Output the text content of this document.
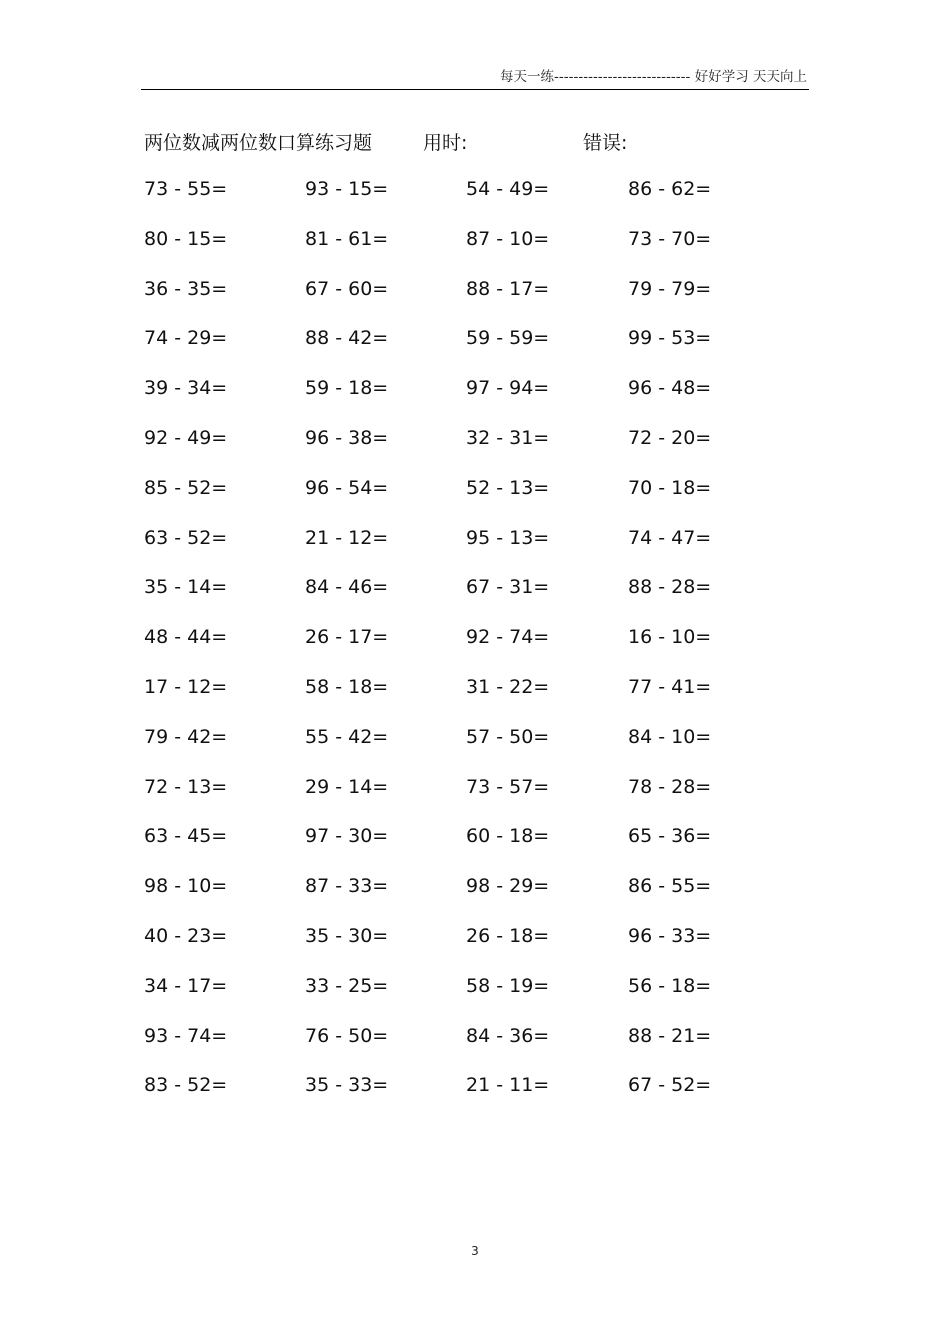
每天一练---------------------------- 好好学习 天天向上
两位数减两位数口算练习题	用时:	错误:
73 - 55=	93 - 15=	54 - 49=	86 - 62=
80 - 15=	81 - 61=	87 - 10=	73 - 70=
36 - 35=	67 - 60=	88 - 17=	79 - 79=
74 - 29=	88 - 42=	59 - 59=	99 - 53=
39 - 34=	59 - 18=	97 - 94=	96 - 48=
92 - 49=	96 - 38=	32 - 31=	72 - 20=
85 - 52=	96 - 54=	52 - 13=	70 - 18=
63 - 52=	21 - 12=	95 - 13=	74 - 47=
35 - 14=	84 - 46=	67 - 31=	88 - 28=
48 - 44=	26 - 17=	92 - 74=	16 - 10=
17 - 12=	58 - 18=	31 - 22=	77 - 41=
79 - 42=	55 - 42=	57 - 50=	84 - 10=
72 - 13=	29 - 14=	73 - 57=	78 - 28=
63 - 45=	97 - 30=	60 - 18=	65 - 36=
98 - 10=	87 - 33=	98 - 29=	86 - 55=
40 - 23=	35 - 30=	26 - 18=	96 - 33=
34 - 17=	33 - 25=	58 - 19=	56 - 18=
93 - 74=	76 - 50=	84 - 36=	88 - 21=
83 - 52=	35 - 33=	21 - 11=	67 - 52=
3
